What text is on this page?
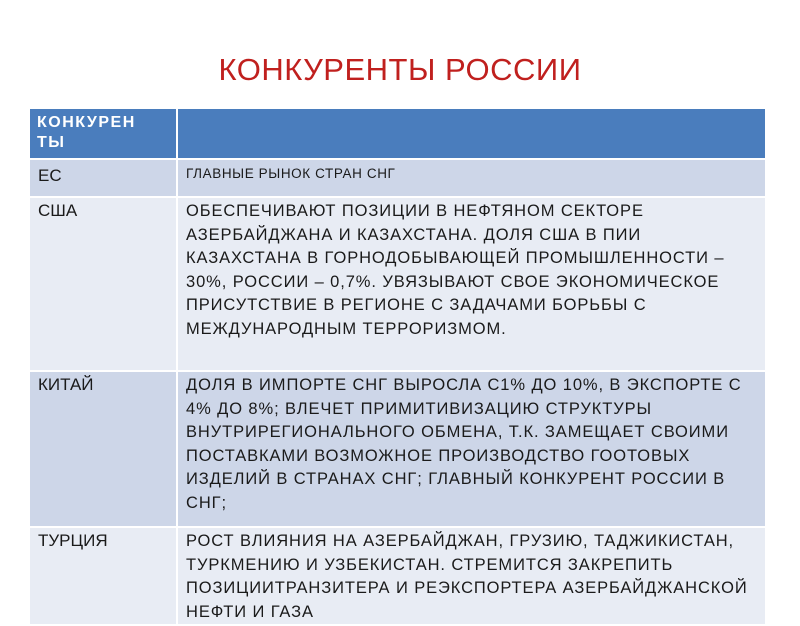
КОНКУРЕНТЫ РОССИИ
КОНКУРЕН ТЫ	
ЕС	ГЛАВНЫЕ РЫНОК СТРАН СНГ
США	ОБЕСПЕЧИВАЮТ ПОЗИЦИИ В НЕФТЯНОМ СЕКТОРЕ АЗЕРБАЙДЖАНА И КАЗАХСТАНА. ДОЛЯ США В ПИИ КАЗАХСТАНА В ГОРНОДОБЫВАЮЩЕЙ ПРОМЫШЛЕННОСТИ – 30%, РОССИИ – 0,7%. УВЯЗЫВАЮТ СВОЕ ЭКОНОМИЧЕСКОЕ ПРИСУТСТВИЕ В РЕГИОНЕ С ЗАДАЧАМИ БОРЬБЫ С МЕЖДУНАРОДНЫМ ТЕРРОРИЗМОМ.
КИТАЙ	ДОЛЯ В ИМПОРТЕ СНГ ВЫРОСЛА С1% ДО 10%, В ЭКСПОРТЕ С 4% ДО 8%; ВЛЕЧЕТ ПРИМИТИВИЗАЦИЮ СТРУКТУРЫ ВНУТРИРЕГИОНАЛЬНОГО ОБМЕНА, Т.К. ЗАМЕЩАЕТ СВОИМИ ПОСТАВКАМИ ВОЗМОЖНОЕ ПРОИЗВОДСТВО ГООТОВЫХ ИЗДЕЛИЙ В СТРАНАХ СНГ; ГЛАВНЫЙ КОНКУРЕНТ РОССИИ В СНГ;
ТУРЦИЯ	РОСТ ВЛИЯНИЯ НА АЗЕРБАЙДЖАН, ГРУЗИЮ, ТАДЖИКИСТАН, ТУРКМЕНИЮ И УЗБЕКИСТАН. СТРЕМИТСЯ ЗАКРЕПИТЬ ПОЗИЦИИТРАНЗИТЕРА И РЕЭКСПОРТЕРА АЗЕРБАЙДЖАНСКОЙ НЕФТИ И ГАЗА
